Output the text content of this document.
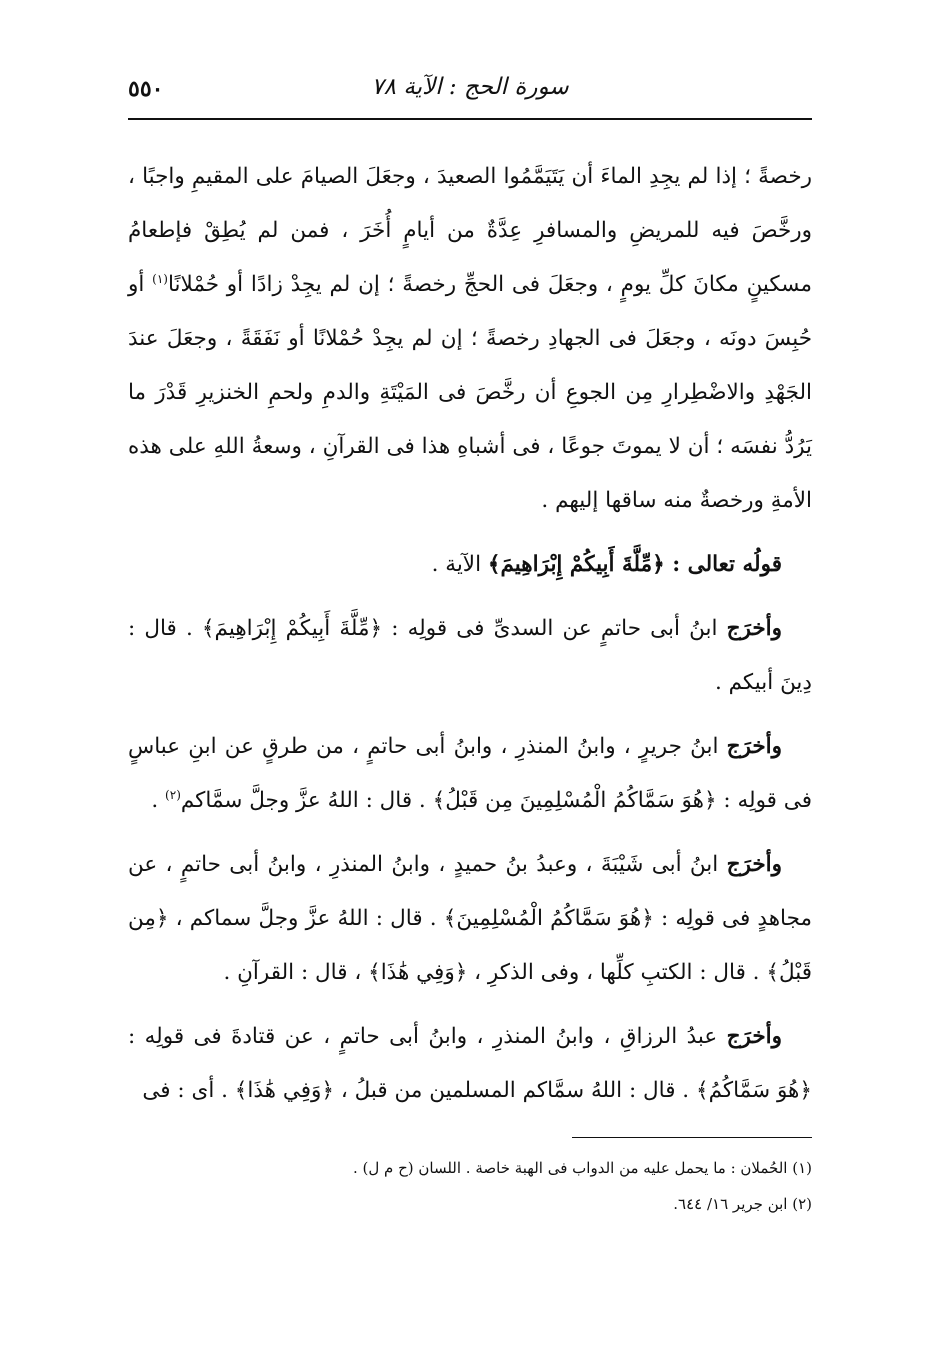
سورة الحج : الآية ٧٨
٥٥٠

رخصةً ؛ إذا لم يجِدِ الماءَ أن يَتَيَمَّمُوا الصعيدَ ، وجعَلَ الصيامَ على المقيمِ واجبًا ، ورخَّصَ فيه للمريضِ والمسافرِ عِدَّةٌ من أيامٍ أُخَرَ ، فمن لم يُطِقْ فإطعامُ مسكينٍ مكانَ كلِّ يومٍ ، وجعَلَ فى الحجِّ رخصةً ؛ إن لم يجِدْ زادًا أو حُمْلانًا$^{(١)}$ أو حُبِسَ دونَه ، وجعَلَ فى الجهادِ رخصةً ؛ إن لم يجِدْ حُمْلانًا أو نَفَقَةً ، وجعَلَ عندَ الجَهْدِ والاضْطِرارِ مِن الجوعِ أن رخَّصَ فى المَيْتَةِ والدمِ ولحمِ الخنزيرِ قَدْرَ ما يَرُدُّ نفسَه ؛ أن لا يموتَ جوعًا ، فى أشباهِ هذا فى القرآنِ ، وسعةُ اللهِ على هذه الأمةِ ورخصةٌ منه ساقها إليهم .

قولُه تعالى : ﴿مِّلَّةَ أَبِيكُمْ إِبْرَاهِيمَ﴾ الآية .

وأخرَج ابنُ أبى حاتمٍ عن السدىِّ فى قولِه : ﴿مِّلَّةَ أَبِيكُمْ إِبْرَاهِيمَ﴾ . قال : دِينَ أبيكم .

وأخرَج ابنُ جريرٍ ، وابنُ المنذرِ ، وابنُ أبى حاتمٍ ، من طرقٍ عن ابنِ عباسٍ فى قولِه : ﴿هُوَ سَمَّاكُمُ الْمُسْلِمِينَ مِن قَبْلُ﴾ . قال : اللهُ عزَّ وجلَّ سمَّاكم$^{(٢)}$ .

وأخرَج ابنُ أبى شَيْبَةَ ، وعبدُ بنُ حميدٍ ، وابنُ المنذرِ ، وابنُ أبى حاتمٍ ، عن مجاهدٍ فى قولِه : ﴿هُوَ سَمَّاكُمُ الْمُسْلِمِينَ﴾ . قال : اللهُ عزَّ وجلَّ سماكم ، ﴿مِن قَبْلُ﴾ . قال : الكتبِ كلِّها ، وفى الذكرِ ، ﴿وَفِي هَٰذَا﴾ ، قال : القرآنِ .

وأخرَج عبدُ الرزاقِ ، وابنُ المنذرِ ، وابنُ أبى حاتمٍ ، عن قتادةَ فى قولِه : ﴿هُوَ سَمَّاكُمُ﴾ . قال : اللهُ سمَّاكم المسلمين من قبلُ ، ﴿وَفِي هَٰذَا﴾ . أى : فى

(١) الحُملان : ما يحمل عليه من الدواب فى الهبة خاصة . اللسان (ح م ل) .

(٢) ابن جرير ١٦/ ٦٤٤.
